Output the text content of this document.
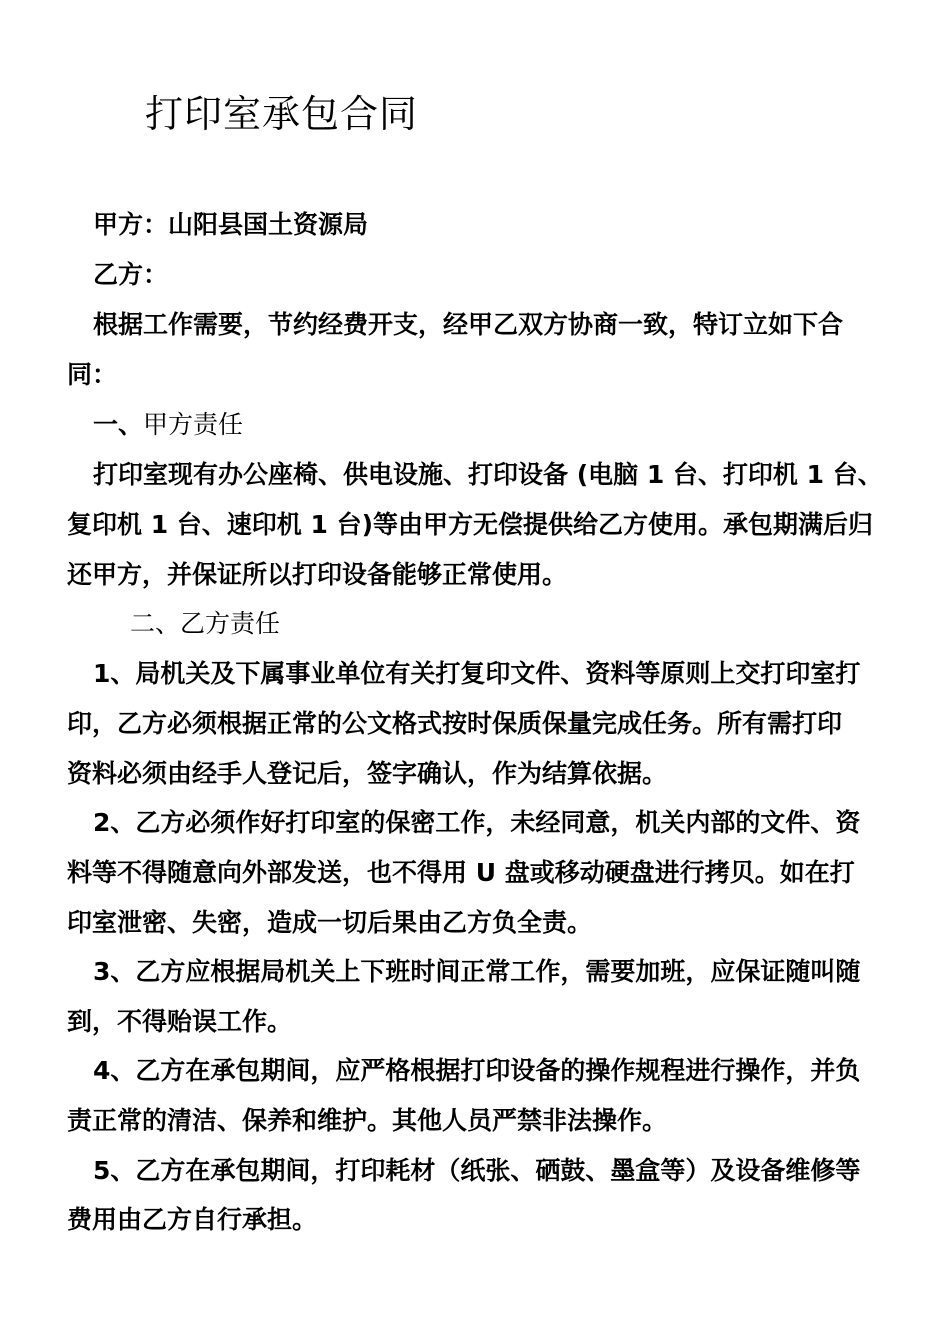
打印室承包合同
甲方：山阳县国土资源局
乙方：
根据工作需要，节约经费开支，经甲乙双方协商一致，特订立如下合
同：
一、甲方责任
打印室现有办公座椅、供电设施、打印设备 (电脑 1 台、打印机 1 台、
复印机 1 台、速印机 1 台)等由甲方无偿提供给乙方使用。承包期满后归
还甲方，并保证所以打印设备能够正常使用。
二、乙方责任
1、局机关及下属事业单位有关打复印文件、资料等原则上交打印室打
印，乙方必须根据正常的公文格式按时保质保量完成任务。所有需打印
资料必须由经手人登记后，签字确认，作为结算依据。
2、乙方必须作好打印室的保密工作，未经同意，机关内部的文件、资
料等不得随意向外部发送，也不得用 U 盘或移动硬盘进行拷贝。如在打
印室泄密、失密，造成一切后果由乙方负全责。
3、乙方应根据局机关上下班时间正常工作，需要加班，应保证随叫随
到，不得贻误工作。
4、乙方在承包期间，应严格根据打印设备的操作规程进行操作，并负
责正常的清洁、保养和维护。其他人员严禁非法操作。
5、乙方在承包期间，打印耗材（纸张、硒鼓、墨盒等）及设备维修等
费用由乙方自行承担。
